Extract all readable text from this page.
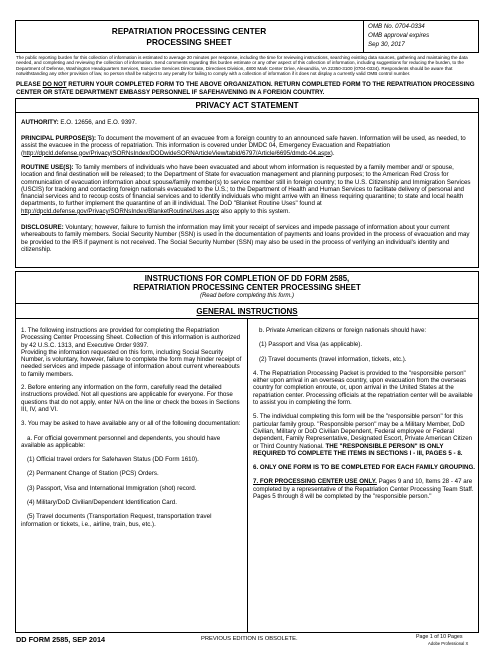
REPATRIATION PROCESSING CENTER

PROCESSING SHEET

OMB No. 0704-0334

OMB approval expires

Sep 30, 2017

The public reporting burden for this collection of information is estimated to average 20 minutes per response, including the time for reviewing instructions, searching existing data sources, gathering and maintaining the data needed, and completing and reviewing the collection of information. Send comments regarding this burden estimate or any other aspect of this collection of information, including suggestions for reducing the burden, to the Department of Defense, Washington Headquarters Services, Executive Services Directorate, Directives Division, 4800 Mark Center Drive, Alexandria, VA 22350-3100 (0704-0334). Respondents should be aware that notwithstanding any other provision of law, no person shall be subject to any penalty for failing to comply with a collection of information if it does not display a currently valid OMB control number.

PLEASE DO NOT RETURN YOUR COMPLETED FORM TO THE ABOVE ORGANIZATION. RETURN COMPLETED FORM TO THE REPATRIATION PROCESSING CENTER OR STATE DEPARTMENT EMBASSY PERSONNEL IF SAFEHAVENING IN A FOREIGN COUNTRY.

PRIVACY ACT STATEMENT

AUTHORITY: E.O. 12656, and E.O. 9397.

PRINCIPAL PURPOSE(S): To document the movement of an evacuee from a foreign country to an announced safe haven. Information will be used, as needed, to assist the evacuee in the process of repatriation. This information is covered under DMDC 04, Emergency Evacuation and Repatriation (http://dpcld.defense.gov/Privacy/SORNsIndex/DODwideSORNArticleView/tabid/6797/Article/6695/dmdc-04.aspx).

ROUTINE USE(S): To family members of individuals who have been evacuated and about whom information is requested by a family member and/ or spouse, location and final destination will be released; to the Department of State for evacuation management and planning purposes; to the American Red Cross for communication of evacuation information about spouse/family member(s) to service member still in foreign country; to the U.S. Citizenship and Immigration Services (USCIS) for tracking and contacting foreign nationals evacuated to the U.S.; to the Department of Health and Human Services to facilitate delivery of personal and financial services and to recoup costs of financial services and to identify individuals who might arrive with an illness requiring quarantine; to state and local health departments, to further implement the quarantine of an ill individual. The DoD "Blanket Routine Uses" found at http://dpcld.defense.gov/Privacy/SORNsIndex/BlanketRoutineUses.aspx also apply to this system.

DISCLOSURE: Voluntary; however, failure to furnish the information may limit your receipt of services and impede passage of information about your current whereabouts to family members. Social Security Number (SSN) is used in the documentation of payments and loans provided in the process of evacuation and may be provided to the IRS if payment is not received. The Social Security Number (SSN) may also be used in the process of verifying an individual's identity and citizenship.

INSTRUCTIONS FOR COMPLETION OF DD FORM 2585,

REPATRIATION PROCESSING CENTER PROCESSING SHEET

(Read before completing this form.)

GENERAL INSTRUCTIONS

1. The following instructions are provided for completing the Repatriation Processing Center Processing Sheet. Collection of this information is authorized by 42 U.S.C. 1313, and Executive Order 9397.

Providing the information requested on this form, including Social Security Number, is voluntary, however, failure to complete the form may hinder receipt of needed services and impede passage of information about current whereabouts to family members.

2. Before entering any information on the form, carefully read the detailed instructions provided. Not all questions are applicable for everyone. For those questions that do not apply, enter N/A on the line or check the boxes in Sections III, IV, and VI.

3. You may be asked to have available any or all of the following documentation:

a. For official government personnel and dependents, you should have available as applicable:

(1) Official travel orders for Safehaven Status (DD Form 1610).

(2) Permanent Change of Station (PCS) Orders.

(3) Passport, Visa and International Immigration (shot) record.

(4) Military/DoD Civilian/Dependent Identification Card.

(5) Travel documents (Transportation Request, transportation travel information or tickets, i.e., airline, train, bus, etc.).

b. Private American citizens or foreign nationals should have:

(1) Passport and Visa (as applicable).

(2) Travel documents (travel information, tickets, etc.).

4. The Repatriation Processing Packet is provided to the "responsible person" either upon arrival in an overseas country, upon evacuation from the overseas country for completion enroute, or, upon arrival in the United States at the repatriation center. Processing officials at the repatriation center will be available to assist you in completing the form.

5. The individual completing this form will be the "responsible person" for this particular family group. "Responsible person" may be a Military Member, DoD Civilian, Military or DoD Civilian Dependent, Federal employee or Federal dependent, Family Representative, Designated Escort, Private American Citizen or Third Country National. THE "RESPONSIBLE PERSON" IS ONLY REQUIRED TO COMPLETE THE ITEMS IN SECTIONS I - III, PAGES 5 - 8.

6. ONLY ONE FORM IS TO BE COMPLETED FOR EACH FAMILY GROUPING.

7. FOR PROCESSING CENTER USE ONLY. Pages 9 and 10, Items 28 - 47 are completed by a representative of the Repatriation Center Processing Team Staff. Pages 5 through 8 will be completed by the "responsible person."

DD FORM 2585, SEP 2014	PREVIOUS EDITION IS OBSOLETE.	Page 1 of 10 Pages

Adobe Professional X
